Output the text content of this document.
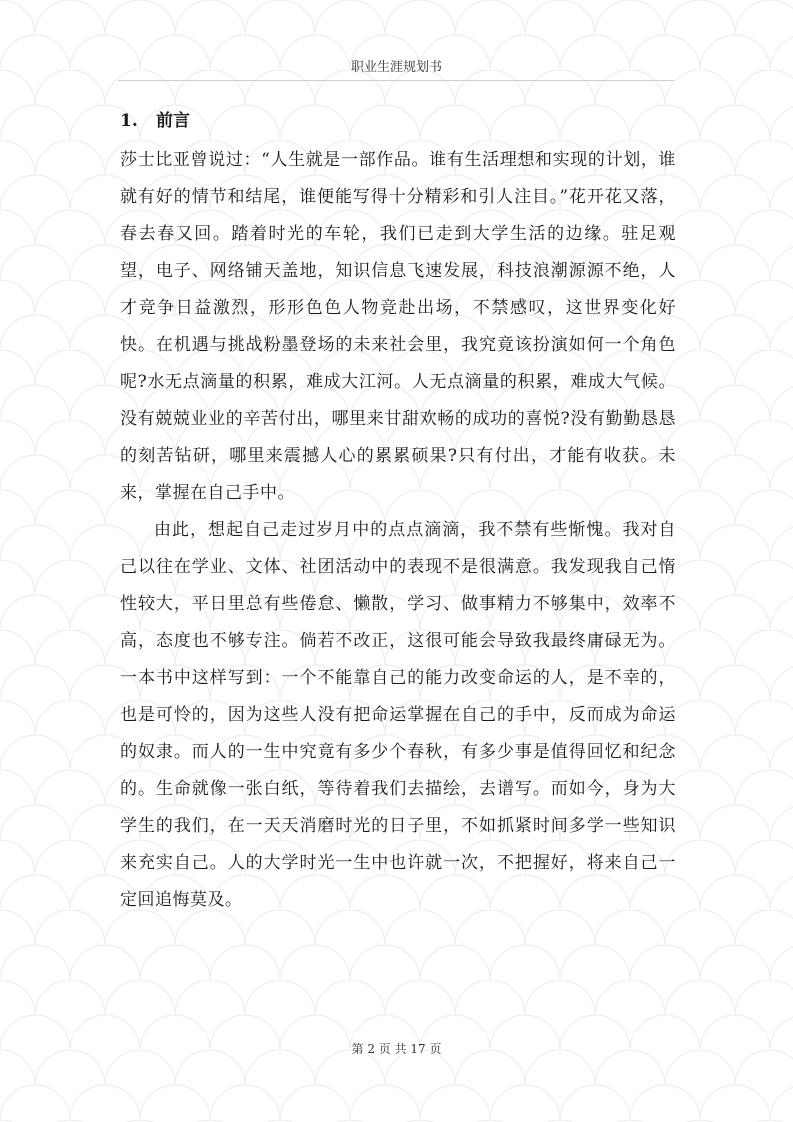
职业生涯规划书
1. 前言

莎士比亚曾说过：“人生就是一部作品。谁有生活理想和实现的计划，谁就有好的情节和结尾，谁便能写得十分精彩和引人注目。”花开花又落，春去春又回。踏着时光的车轮，我们已走到大学生活的边缘。驻足观望，电子、网络铺天盖地，知识信息飞速发展，科技浪潮源源不绝，人才竞争日益激烈，形形色色人物竞赴出场，不禁感叹，这世界变化好快。在机遇与挑战粉墨登场的未来社会里，我究竟该扮演如何一个角色呢?水无点滴量的积累，难成大江河。人无点滴量的积累，难成大气候。没有兢兢业业的辛苦付出，哪里来甘甜欢畅的成功的喜悦?没有勤勤恳恳的刻苦钻研，哪里来震撼人心的累累硕果?只有付出，才能有收获。未来，掌握在自己手中。

由此，想起自己走过岁月中的点点滴滴，我不禁有些惭愧。我对自己以往在学业、文体、社团活动中的表现不是很满意。我发现我自己惰性较大，平日里总有些倦怠、懒散，学习、做事精力不够集中，效率不高，态度也不够专注。倘若不改正，这很可能会导致我最终庸碌无为。 一本书中这样写到：一个不能靠自己的能力改变命运的人，是不幸的，也是可怜的，因为这些人没有把命运掌握在自己的手中，反而成为命运的奴隶。而人的一生中究竟有多少个春秋，有多少事是值得回忆和纪念的。生命就像一张白纸，等待着我们去描绘，去谱写。而如今，身为大学生的我们，在一天天消磨时光的日子里，不如抓紧时间多学一些知识来充实自己。人的大学时光一生中也许就一次，不把握好，将来自己一定回追悔莫及。

第 2 页 共 17 页
